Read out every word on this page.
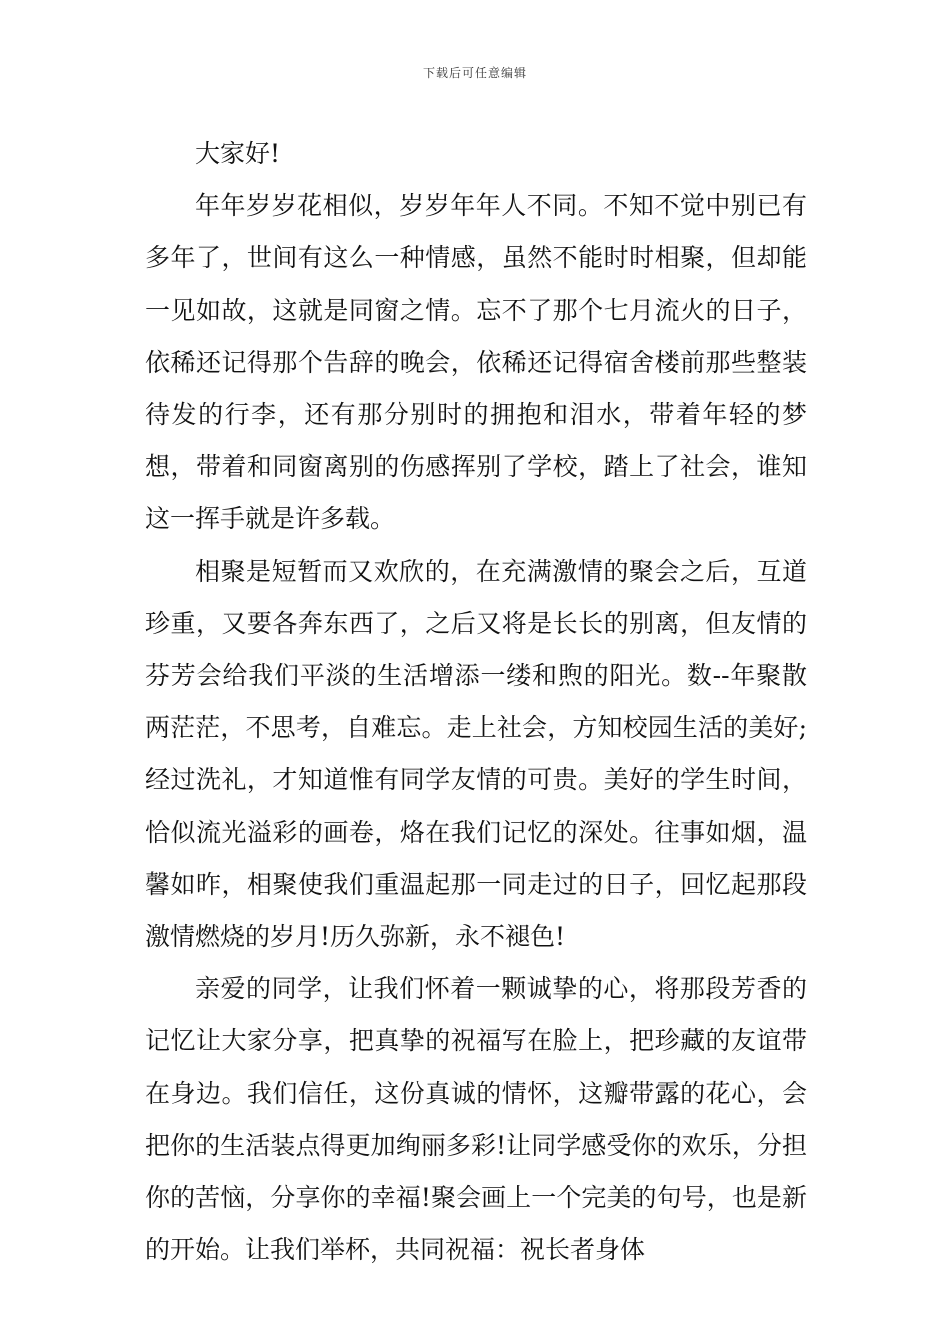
下载后可任意编辑

大家好!

年年岁岁花相似，岁岁年年人不同。不知不觉中别已有多年了，世间有这么一种情感，虽然不能时时相聚，但却能一见如故，这就是同窗之情。忘不了那个七月流火的日子，依稀还记得那个告辞的晚会，依稀还记得宿舍楼前那些整装待发的行李，还有那分别时的拥抱和泪水，带着年轻的梦想，带着和同窗离别的伤感挥别了学校，踏上了社会，谁知这一挥手就是许多载。

相聚是短暂而又欢欣的，在充满激情的聚会之后，互道珍重，又要各奔东西了，之后又将是长长的别离，但友情的芬芳会给我们平淡的生活增添一缕和煦的阳光。数--年聚散两茫茫，不思考，自难忘。走上社会，方知校园生活的美好;经过洗礼，才知道惟有同学友情的可贵。美好的学生时间，恰似流光溢彩的画卷，烙在我们记忆的深处。往事如烟，温馨如昨，相聚使我们重温起那一同走过的日子，回忆起那段激情燃烧的岁月!历久弥新，永不褪色!

亲爱的同学，让我们怀着一颗诚挚的心，将那段芳香的记忆让大家分享，把真挚的祝福写在脸上，把珍藏的友谊带在身边。我们信任，这份真诚的情怀，这瓣带露的花心，会把你的生活装点得更加绚丽多彩!让同学感受你的欢乐，分担你的苦恼，分享你的幸福!聚会画上一个完美的句号，也是新的开始。让我们举杯，共同祝福：祝长者身体
